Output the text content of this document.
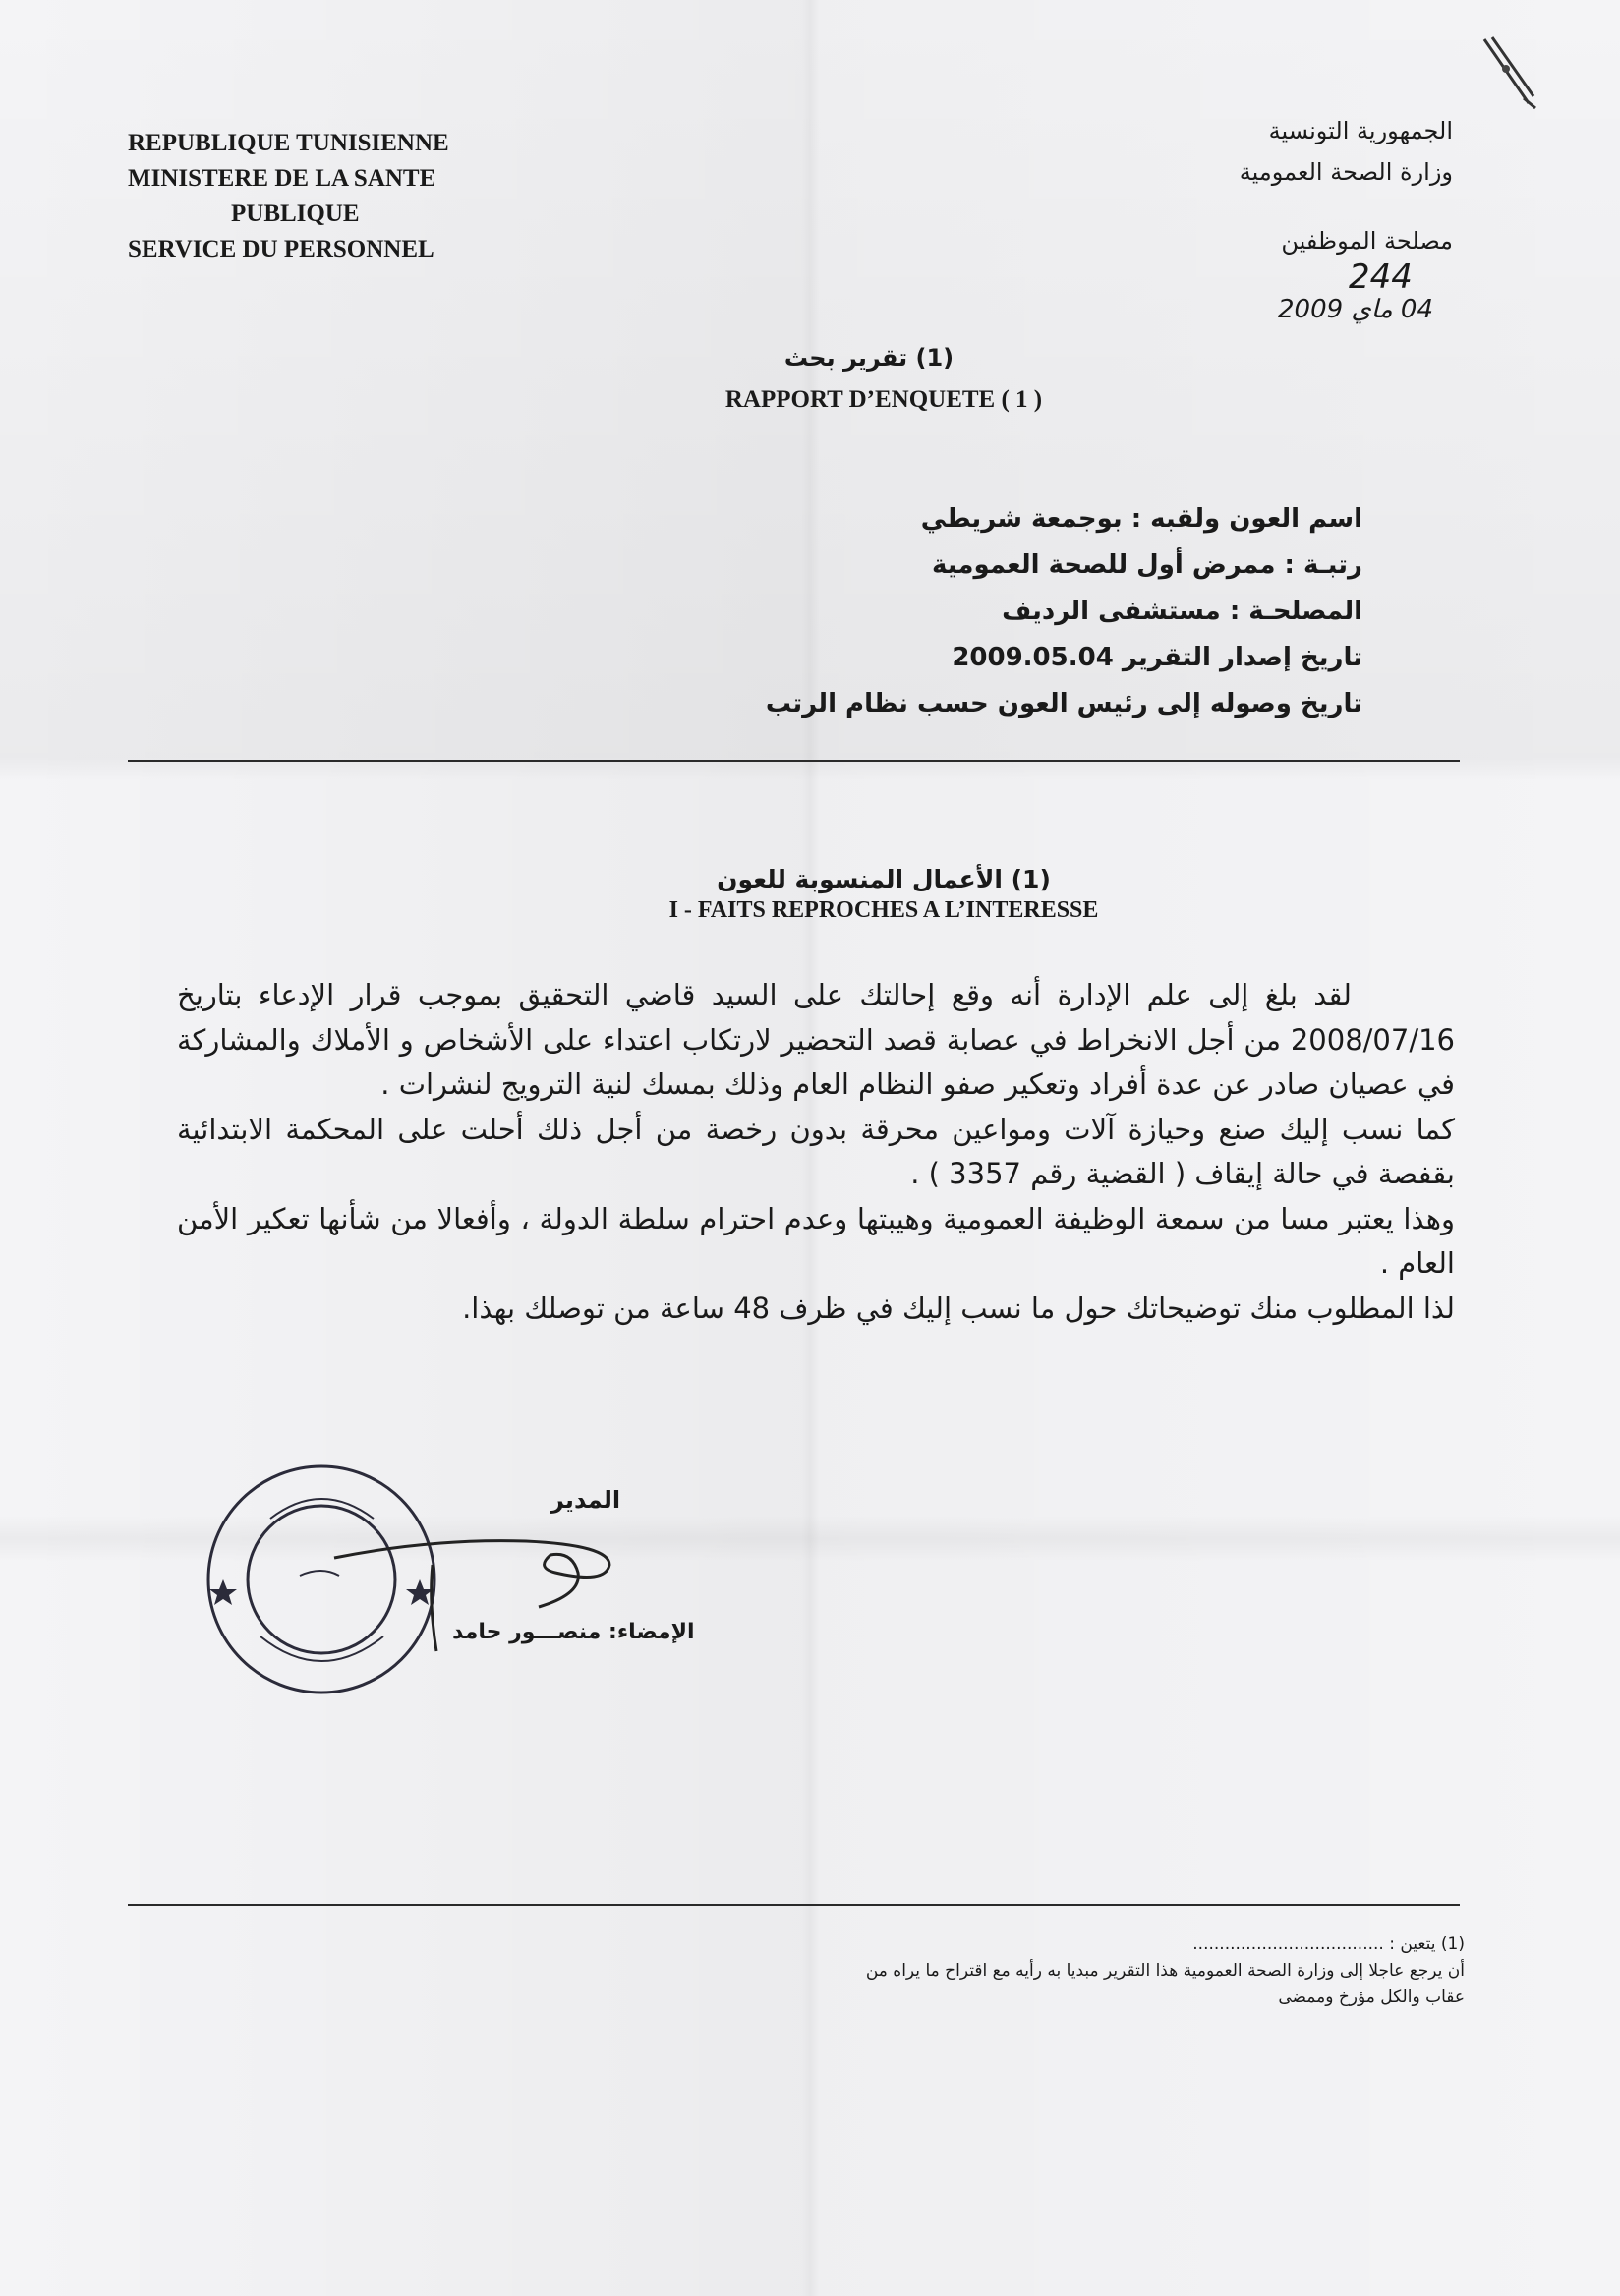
REPUBLIQUE TUNISIENNE
MINISTERE DE LA SANTE
PUBLIQUE
SERVICE DU PERSONNEL
الجمهورية التونسية
وزارة الصحة العمومية
مصلحة الموظفين
244
04 ماي 2009
(1) تقرير بحث
RAPPORT D’ENQUETE ( 1 )
اسم العون ولقبه : بوجمعة شريطي
رتبـة : ممرض أول للصحة العمومية
المصلحـة : مستشفى الرديف
تاريخ إصدار التقرير 2009.05.04
تاريخ وصوله إلى رئيس العون حسب نظام الرتب
(1) الأعمال المنسوبة للعون
I - FAITS REPROCHES A L’INTERESSE

لقد بلغ إلى علم الإدارة أنه وقع إحالتك على السيد قاضي التحقيق بموجب قرار الإدعاء بتاريخ 2008/07/16 من أجل الانخراط في عصابة قصد التحضير لارتكاب اعتداء على الأشخاص و الأملاك والمشاركة في عصيان صادر عن عدة أفراد وتعكير صفو النظام العام وذلك بمسك لنية الترويج لنشرات .

كما نسب إليك صنع وحيازة آلات ومواعين محرقة بدون رخصة من أجل ذلك أحلت على المحكمة الابتدائية بقفصة في حالة إيقاف ( القضية رقم 3357 ) .

وهذا يعتبر مسا من سمعة الوظيفة العمومية وهيبتها وعدم احترام سلطة الدولة ، وأفعالا من شأنها تعكير الأمن العام .

لذا المطلوب منك توضيحاتك حول ما نسب إليك في ظرف 48 ساعة من توصلك بهذا.

المدير
الإمضاء: منصـــور حامد
(1) يتعين : ....................................
أن يرجع عاجلا إلى وزارة الصحة العمومية هذا التقرير مبديا به رأيه مع اقتراح ما يراه من
عقاب والكل مؤرخ وممضى
